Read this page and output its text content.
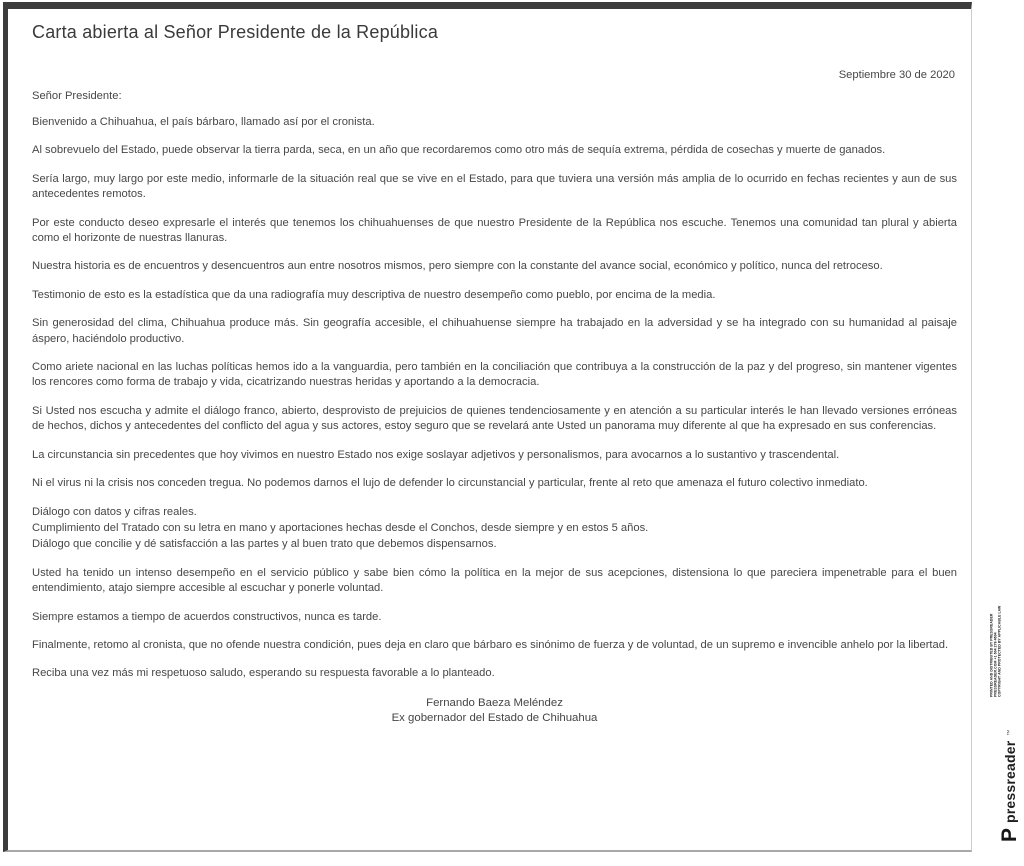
Carta abierta al Señor Presidente de la República
Septiembre 30 de 2020
Señor Presidente:

Bienvenido a Chihuahua, el país bárbaro, llamado así por el cronista.

Al sobrevuelo del Estado, puede observar la tierra parda, seca, en un año que recordaremos como otro más de sequía extrema, pérdida de cosechas y muerte de ganados.

Sería largo, muy largo por este medio, informarle de la situación real que se vive en el Estado, para que tuviera una versión más amplia de lo ocurrido en fechas recientes y aun de sus antecedentes remotos.

Por este conducto deseo expresarle el interés que tenemos los chihuahuenses de que nuestro Presidente de la República nos escuche. Tenemos una comunidad tan plural y abierta como el horizonte de nuestras llanuras.

Nuestra historia es de encuentros y desencuentros aun entre nosotros mismos, pero siempre con la constante del avance social, económico y político, nunca del retroceso.

Testimonio de esto es la estadística que da una radiografía muy descriptiva de nuestro desempeño como pueblo, por encima de la media.

Sin generosidad del clima, Chihuahua produce más. Sin geografía accesible, el chihuahuense siempre ha trabajado en la adversidad y se ha integrado con su humanidad al paisaje áspero, haciéndolo productivo.

Como ariete nacional en las luchas políticas hemos ido a la vanguardia, pero también en la conciliación que contribuya a la construcción de la paz y del progreso, sin mantener vigentes los rencores como forma de trabajo y vida, cicatrizando nuestras heridas y aportando a la democracia.

Si Usted nos escucha y admite el diálogo franco, abierto, desprovisto de prejuicios de quienes tendenciosamente y en atención a su particular interés le han llevado versiones erróneas de hechos, dichos y antecedentes del conflicto del agua y sus actores, estoy seguro que se revelará ante Usted un panorama muy diferente al que ha expresado en sus conferencias.

La circunstancia sin precedentes que hoy vivimos en nuestro Estado nos exige soslayar adjetivos y personalismos, para avocarnos a lo sustantivo y trascendental.

Ni el virus ni la crisis nos conceden tregua. No podemos darnos el lujo de defender lo circunstancial y particular, frente al reto que amenaza el futuro colectivo inmediato.

Diálogo con datos y cifras reales.

Cumplimiento del Tratado con su letra en mano y aportaciones hechas desde el Conchos, desde siempre y en estos 5 años.

Diálogo que concilie y dé satisfacción a las partes y al buen trato que debemos dispensarnos.

Usted ha tenido un intenso desempeño en el servicio público y sabe bien cómo la política en la mejor de sus acepciones, distensiona lo que pareciera impenetrable para el buen entendimiento, atajo siempre accesible al escuchar y ponerle voluntad.

Siempre estamos a tiempo de acuerdos constructivos, nunca es tarde.

Finalmente, retomo al cronista, que no ofende nuestra condición, pues deja en claro que bárbaro es sinónimo de fuerza y de voluntad, de un supremo e invencible anhelo por la libertad.

Reciba una vez más mi respetuoso saludo, esperando su respuesta favorable a lo planteado.

Fernando Baeza Meléndez
Ex gobernador del Estado de Chihuahua
PRINTED AND DISTRIBUTED BY PRESSREADER PRESSREADER.COM +1 604 278 4604 COPYRIGHT AND PROTECTED BY APPLICABLE LAW
P
pressreader
™
